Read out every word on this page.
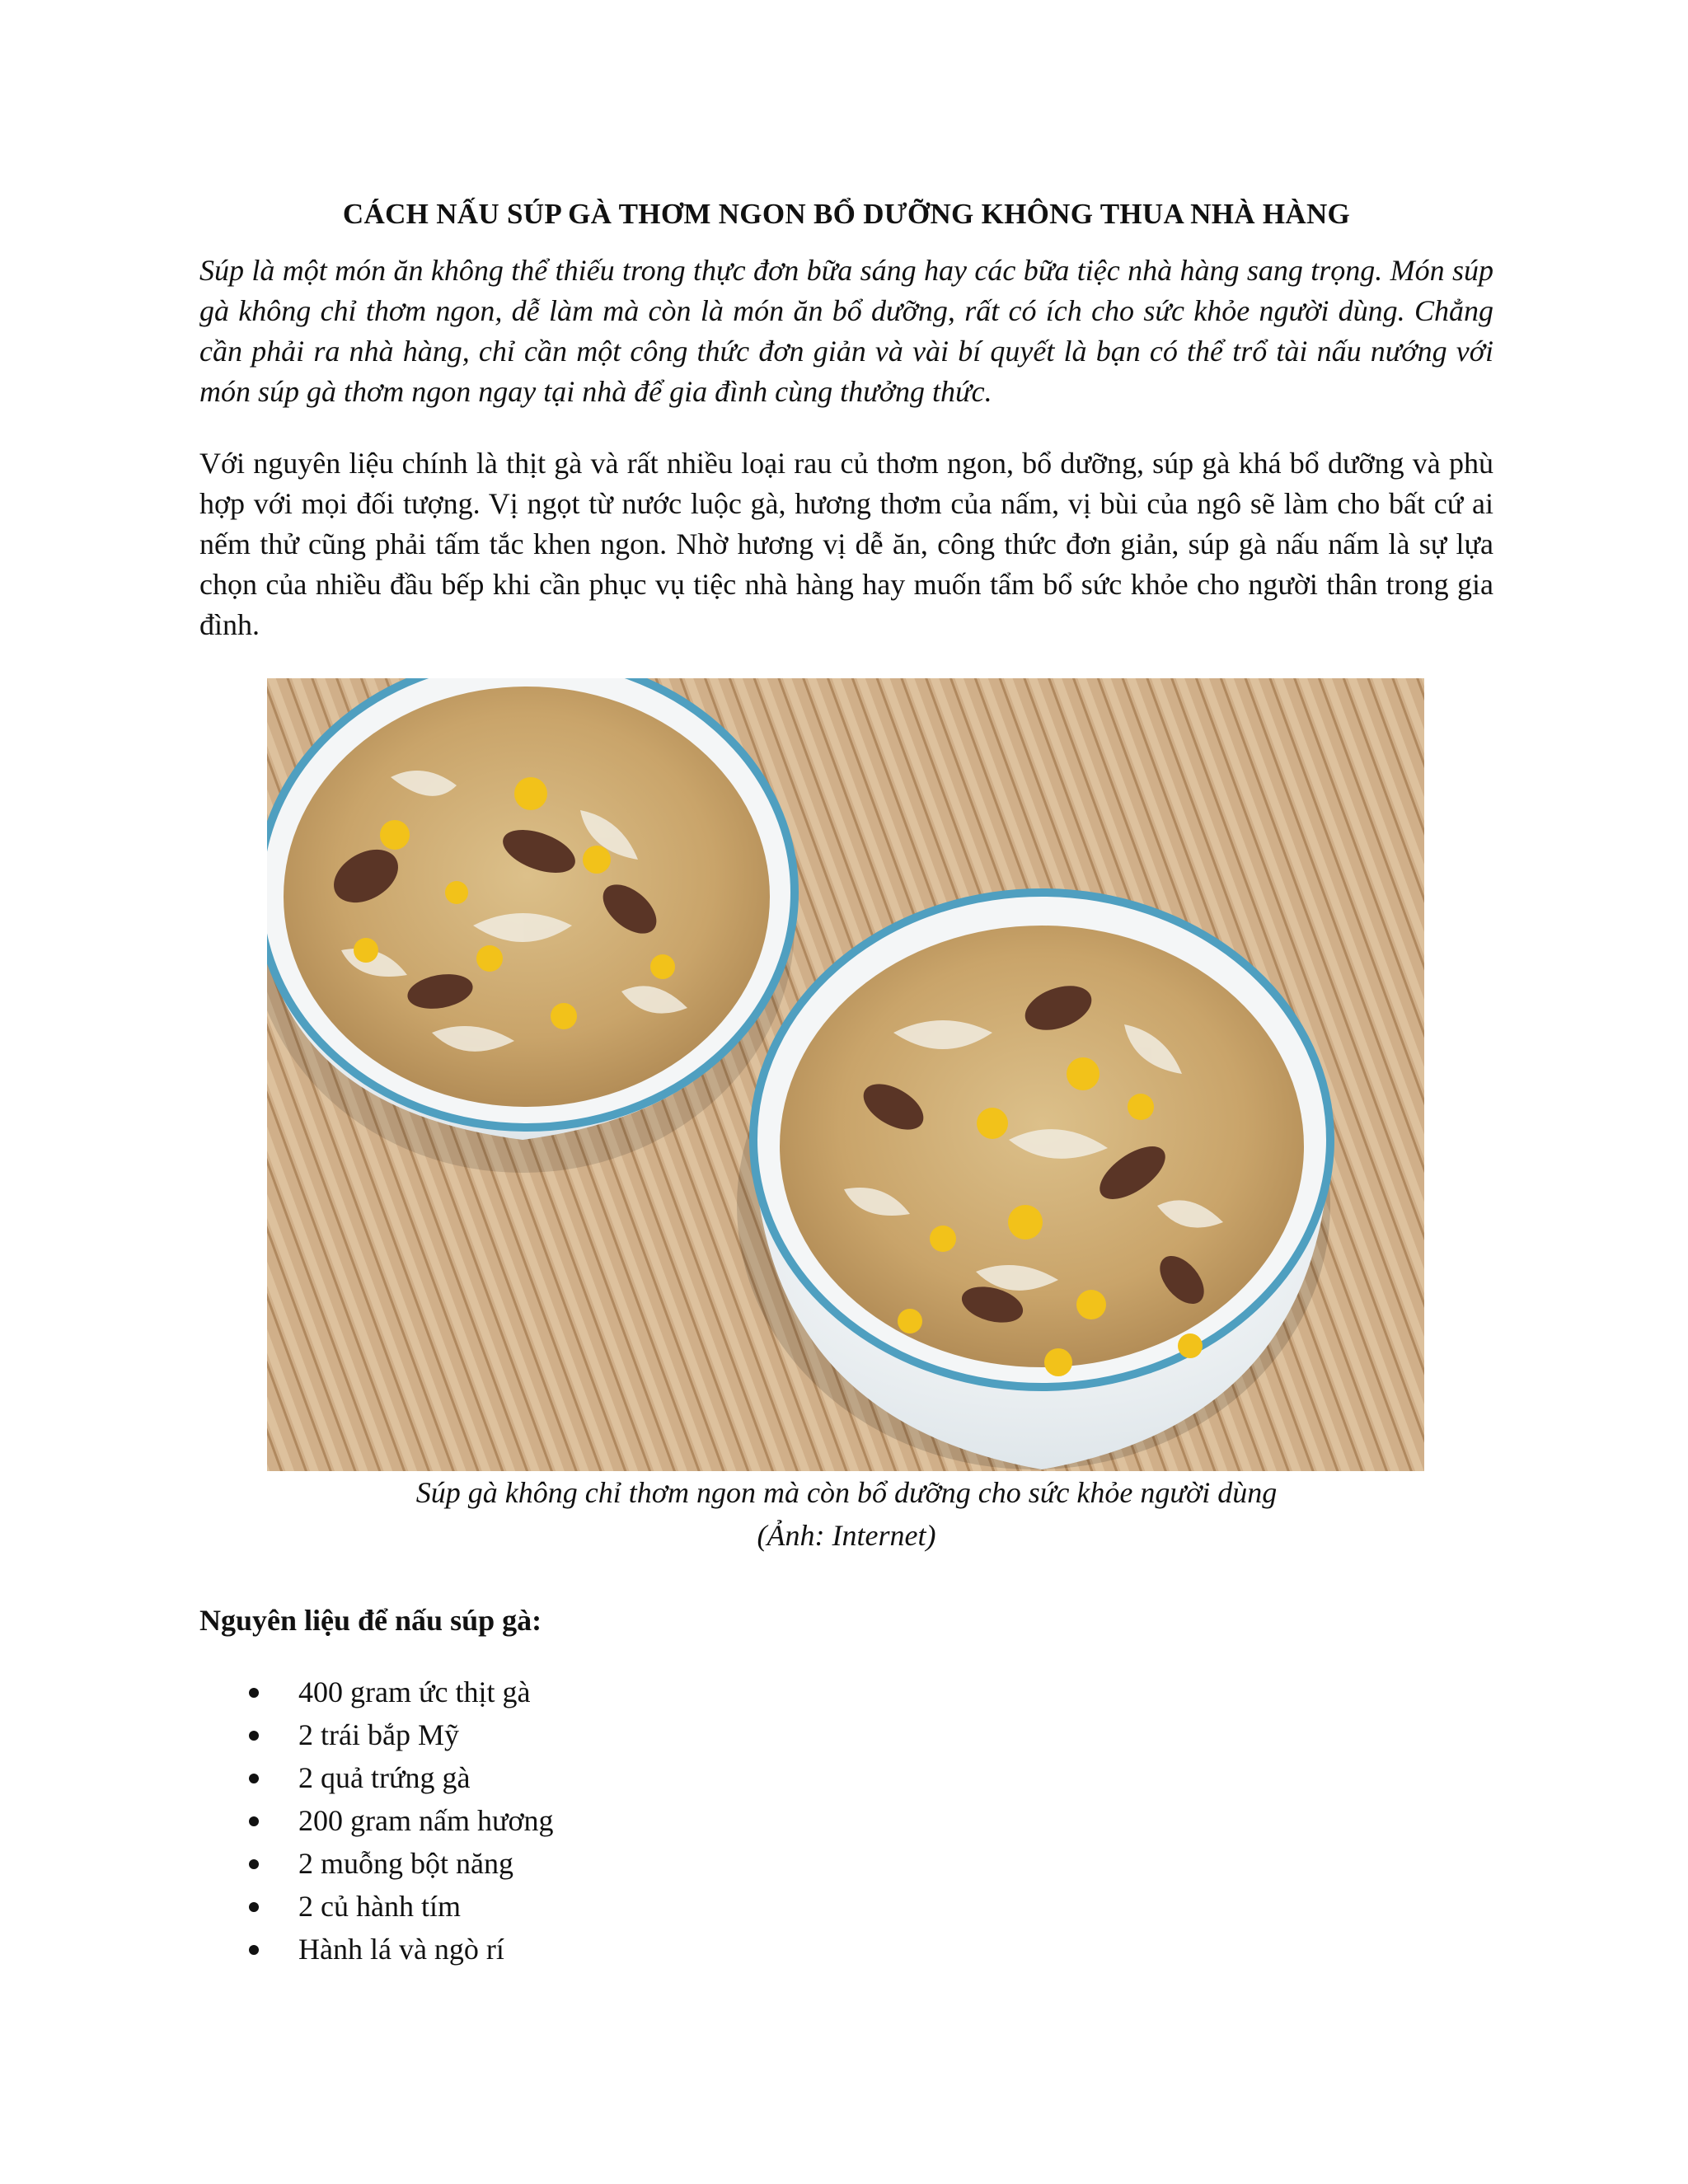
CÁCH NẤU SÚP GÀ THƠM NGON BỔ DƯỠNG KHÔNG THUA NHÀ HÀNG

Súp là một món ăn không thể thiếu trong thực đơn bữa sáng hay các bữa tiệc nhà hàng sang trọng. Món súp gà không chỉ thơm ngon, dễ làm mà còn là món ăn bổ dưỡng, rất có ích cho sức khỏe người dùng. Chẳng cần phải ra nhà hàng, chỉ cần một công thức đơn giản và vài bí quyết là bạn có thể trổ tài nấu nướng với món súp gà thơm ngon ngay tại nhà để gia đình cùng thưởng thức.

Với nguyên liệu chính là thịt gà và rất nhiều loại rau củ thơm ngon, bổ dưỡng, súp gà khá bổ dưỡng và phù hợp với mọi đối tượng. Vị ngọt từ nước luộc gà, hương thơm của nấm, vị bùi của ngô sẽ làm cho bất cứ ai nếm thử cũng phải tấm tắc khen ngon. Nhờ hương vị dễ ăn, công thức đơn giản, súp gà nấu nấm là sự lựa chọn của nhiều đầu bếp khi cần phục vụ tiệc nhà hàng hay muốn tẩm bổ sức khỏe cho người thân trong gia đình.

Súp gà không chỉ thơm ngon mà còn bổ dưỡng cho sức khỏe người dùng

(Ảnh: Internet)

Nguyên liệu để nấu súp gà:

400 gram ức thịt gà
2 trái bắp Mỹ
2 quả trứng gà
200 gram nấm hương
2 muỗng bột năng
2 củ hành tím
Hành lá và ngò rí
